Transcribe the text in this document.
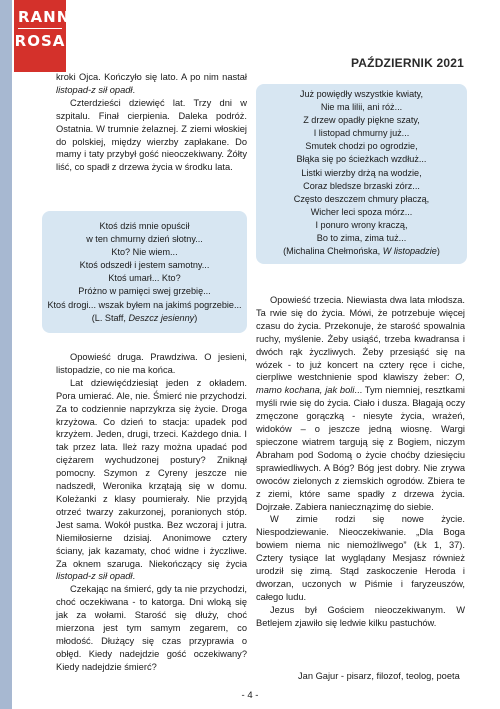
RANNA
ROSA
PAŹDZIERNIK 2021

kroki Ojca. Kończyło się lato. A po nim nastał listopad-z sił opadł.

Czterdzieści dziewięć lat. Trzy dni w szpitalu. Finał cierpienia. Daleka podróż. Ostatnia. W trumnie żelaznej. Z ziemi włoskiej do polskiej, między wierzby zapłakane. Do mamy i taty przybył gość nieoczekiwany. Żółty liść, co spadł z drzewa życia w środku lata.

Ktoś dziś mnie opuścił
w ten chmurny dzień słotny...
Kto? Nie wiem...
Ktoś odszedł i jestem samotny...
Ktoś umarł... Kto?
Próżno w pamięci swej grzebię...
Ktoś drogi... wszak byłem na jakimś pogrzebie...
(L. Staff, Deszcz jesienny)

Opowieść druga. Prawdziwa. O jesieni, listopadzie, co nie ma końca.

Lat dziewięćdziesiąt jeden z okładem. Pora umierać. Ale, nie. Śmierć nie przychodzi. Za to codziennie naprzykrza się życie. Droga krzyżowa. Co dzień to stacja: upadek pod krzyżem. Jeden, drugi, trzeci. Każdego dnia. I tak przez lata. Ileż razy można upadać pod ciężarem wychudzonej postury? Zniknął pomocny. Szymon z Cyreny jeszcze nie nadszedł, Weronika krzątają się w domu. Koleżanki z klasy poumierały. Nie przyjdą otrzeć twarzy zakurzonej, poranionych stóp. Jest sama. Wokół pustka. Bez wczoraj i jutra. Niemiłosierne dzisiaj. Anonimowe cztery ściany, jak kazamaty, choć widne i życzliwe. Za oknem szaruga. Niekończący się życia listopad-z sił opadł.

Czekając na śmierć, gdy ta nie przychodzi, choć oczekiwana - to katorga. Dni wloką się jak za wołami. Starość się dłuży, choć mierzona jest tym samym zegarem, co młodość. Dłużący się czas przyprawia o obłęd. Kiedy nadejdzie gość oczekiwany? Kiedy nadejdzie śmierć?

Już powiędły wszystkie kwiaty,
Nie ma lilii, ani róż...
Z drzew opadły piękne szaty,
I listopad chmurny już...
Smutek chodzi po ogrodzie,
Błąka się po ścieżkach wzdłuż...
Listki wierzby drżą na wodzie,
Coraz bledsze brzaski zórz...
Często deszczem chmury płaczą,
Wicher leci spoza mórz...
I ponuro wrony kraczą,
Bo to zima, zima tuż...
(Michalina Chełmońska, W listopadzie)

Opowieść trzecia. Niewiasta dwa lata młodsza. Ta rwie się do życia. Mówi, że potrzebuje więcej czasu do życia. Przekonuje, że starość spowalnia ruchy, myślenie. Żeby usiąść, trzeba kwadransa i dwóch rąk życzliwych. Żeby przesiąść się na wózek - to już koncert na cztery ręce i ciche, cierpliwe westchnienie spod klawiszy żeber: O, mamo kochana, jak boli... Tym niemniej, resztkami myśli rwie się do życia. Ciało i dusza. Błagają oczy zmęczone gorączką - niesyte życia, wrażeń, widoków – o jeszcze jedną wiosnę. Wargi spieczone wiatrem targują się z Bogiem, niczym Abraham pod Sodomą o życie choćby dziesięciu sprawiedliwych. A Bóg? Bóg jest dobry. Nie zrywa owoców zielonych z ziemskich ogrodów. Zbiera te z ziemi, które same spadły z drzewa życia. Dojrzałe. Zabiera naniecznązimę do siebie.

W zimie rodzi się nowe życie. Niespodziewanie. Nieoczekiwanie. „Dla Boga bowiem niema nic niemożliwego” (Łk 1, 37). Cztery tysiące lat wyglądany Mesjasz również urodził się zimą. Stąd zaskoczenie Heroda i dworzan, uczonych w Piśmie i faryzeuszów, całego ludu.

Jezus był Gościem nieoczekiwanym. W Betlejem zjawiło się ledwie kilku pastuchów.

Jan Gajur - pisarz, filozof, teolog, poeta
- 4 -
